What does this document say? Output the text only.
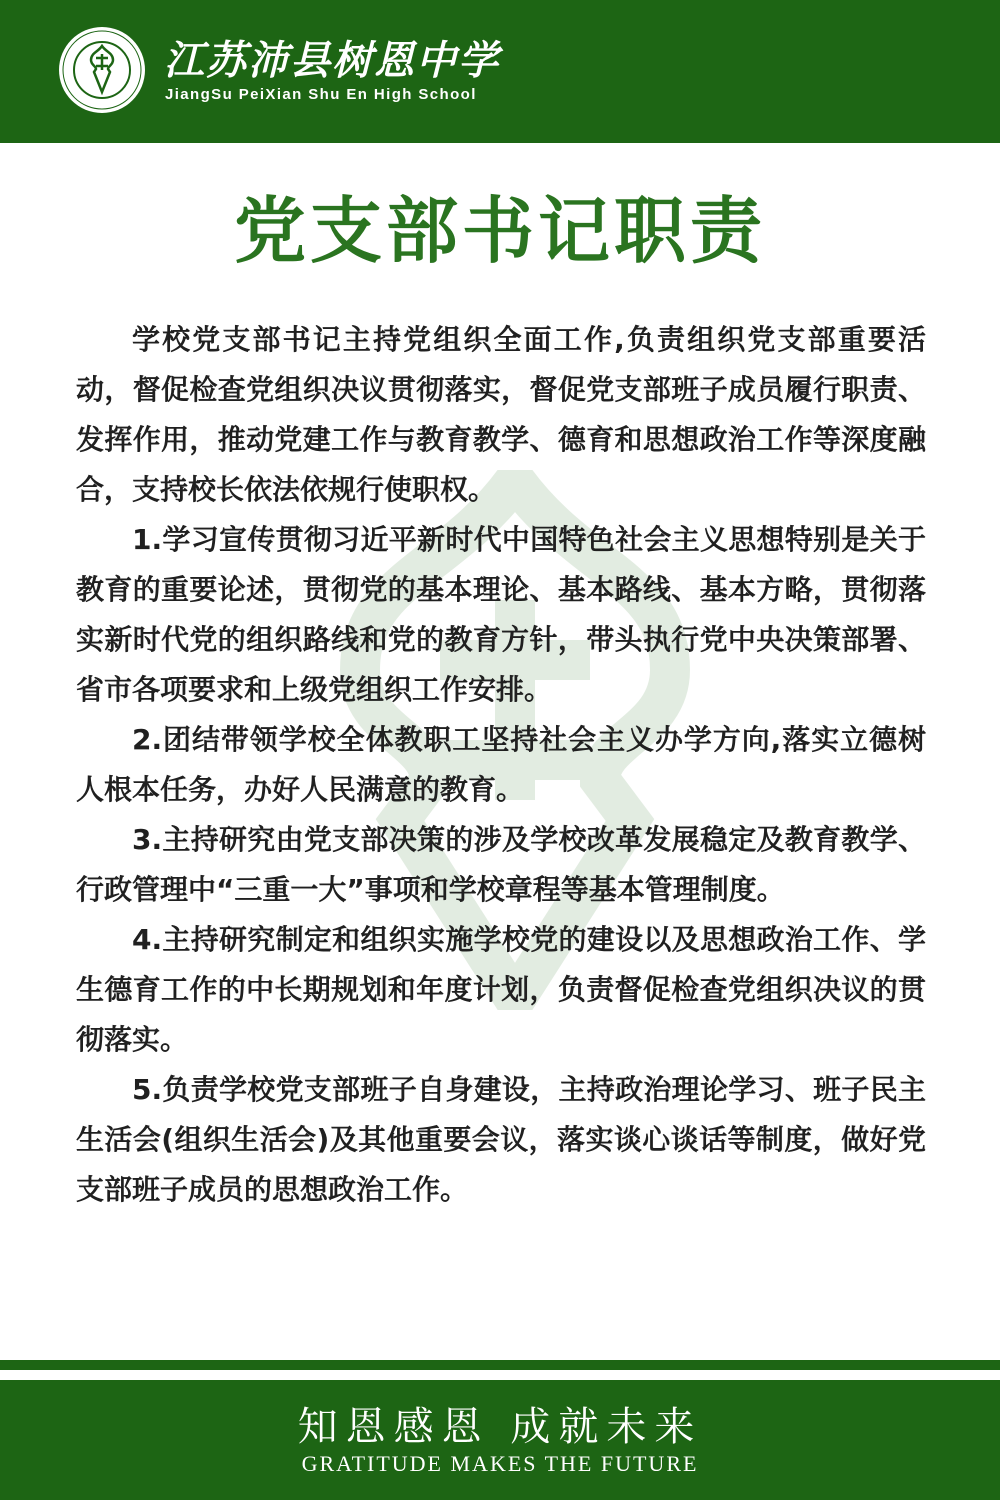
江苏沛县树恩中学
JiangSu PeiXian Shu En High School
党支部书记职责

学校党支部书记主持党组织全面工作,负责组织党支部重要活动，督促检查党组织决议贯彻落实，督促党支部班子成员履行职责、发挥作用，推动党建工作与教育教学、德育和思想政治工作等深度融合，支持校长依法依规行使职权。

1.学习宣传贯彻习近平新时代中国特色社会主义思想特别是关于教育的重要论述，贯彻党的基本理论、基本路线、基本方略，贯彻落实新时代党的组织路线和党的教育方针，带头执行党中央决策部署、省市各项要求和上级党组织工作安排。

2.团结带领学校全体教职工坚持社会主义办学方向,落实立德树人根本任务，办好人民满意的教育。

3.主持研究由党支部决策的涉及学校改革发展稳定及教育教学、行政管理中“三重一大”事项和学校章程等基本管理制度。

4.主持研究制定和组织实施学校党的建设以及思想政治工作、学生德育工作的中长期规划和年度计划，负责督促检查党组织决议的贯彻落实。

5.负责学校党支部班子自身建设，主持政治理论学习、班子民主生活会(组织生活会)及其他重要会议，落实谈心谈话等制度，做好党支部班子成员的思想政治工作。

知恩感恩 成就未来
GRATITUDE MAKES THE FUTURE
